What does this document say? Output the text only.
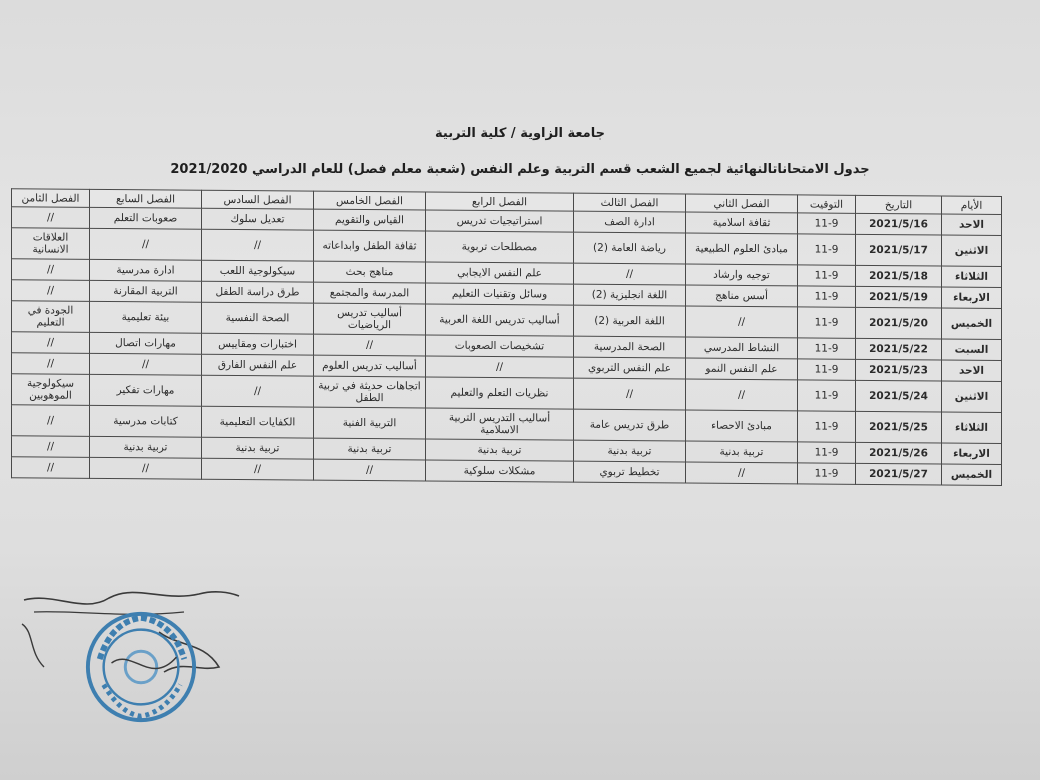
جامعة الزاوية / كلية التربية
جدول الامتحاناتالنهائية لجميع الشعب قسم التربية وعلم النفس (شعبة معلم فصل) للعام الدراسي 2021/2020
الأيام	التاريخ	التوقيت	الفصل الثاني	الفصل الثالث	الفصل الرابع	الفصل الخامس	الفصل السادس	الفصل السابع	الفصل الثامن
الاحد	2021/5/16	11-9	ثقافة اسلامية	ادارة الصف	استراتيجيات تدريس	القياس والتقويم	تعديل سلوك	صعوبات التعلم	//
الاثنين	2021/5/17	11-9	مبادئ العلوم الطبيعية	رياضة العامة (2)	مصطلحات تربوية	ثقافة الطفل وابداعاته	//	//	العلاقات الانسانية
الثلاثاء	2021/5/18	11-9	توجيه وارشاد	//	علم النفس الايجابي	مناهج بحث	سيكولوجية اللعب	ادارة مدرسية	//
الاربعاء	2021/5/19	11-9	أسس مناهج	اللغة انجليزية (2)	وسائل وتقنيات التعليم	المدرسة والمجتمع	طرق دراسة الطفل	التربية المقارنة	//
الخميس	2021/5/20	11-9	//	اللغة العربية (2)	أساليب تدريس اللغة العربية	أساليب تدريس الرياضيات	الصحة النفسية	بيئة تعليمية	الجودة في التعليم
السبت	2021/5/22	11-9	النشاط المدرسي	الصحة المدرسية	تشخيصات الصعوبات	//	اختبارات ومقاييس	مهارات اتصال	//
الاحد	2021/5/23	11-9	علم النفس النمو	علم النفس التربوي	//	أساليب تدريس العلوم	علم النفس الفارق	//	//
الاثنين	2021/5/24	11-9	//	//	نظريات التعلم والتعليم	اتجاهات حديثة في تربية الطفل	//	مهارات تفكير	سيكولوجية الموهوبين
الثلاثاء	2021/5/25	11-9	مبادئ الاحصاء	طرق تدريس عامة	أساليب التدريس التربية الاسلامية	التربية الفنية	الكفايات التعليمية	كتابات مدرسية	//
الاربعاء	2021/5/26	11-9	تربية بدنية	تربية بدنية	تربية بدنية	تربية بدنية	تربية بدنية	تربية بدنية	//
الخميس	2021/5/27	11-9	//	تخطيط تربوي	مشكلات سلوكية	//	//	//	//
